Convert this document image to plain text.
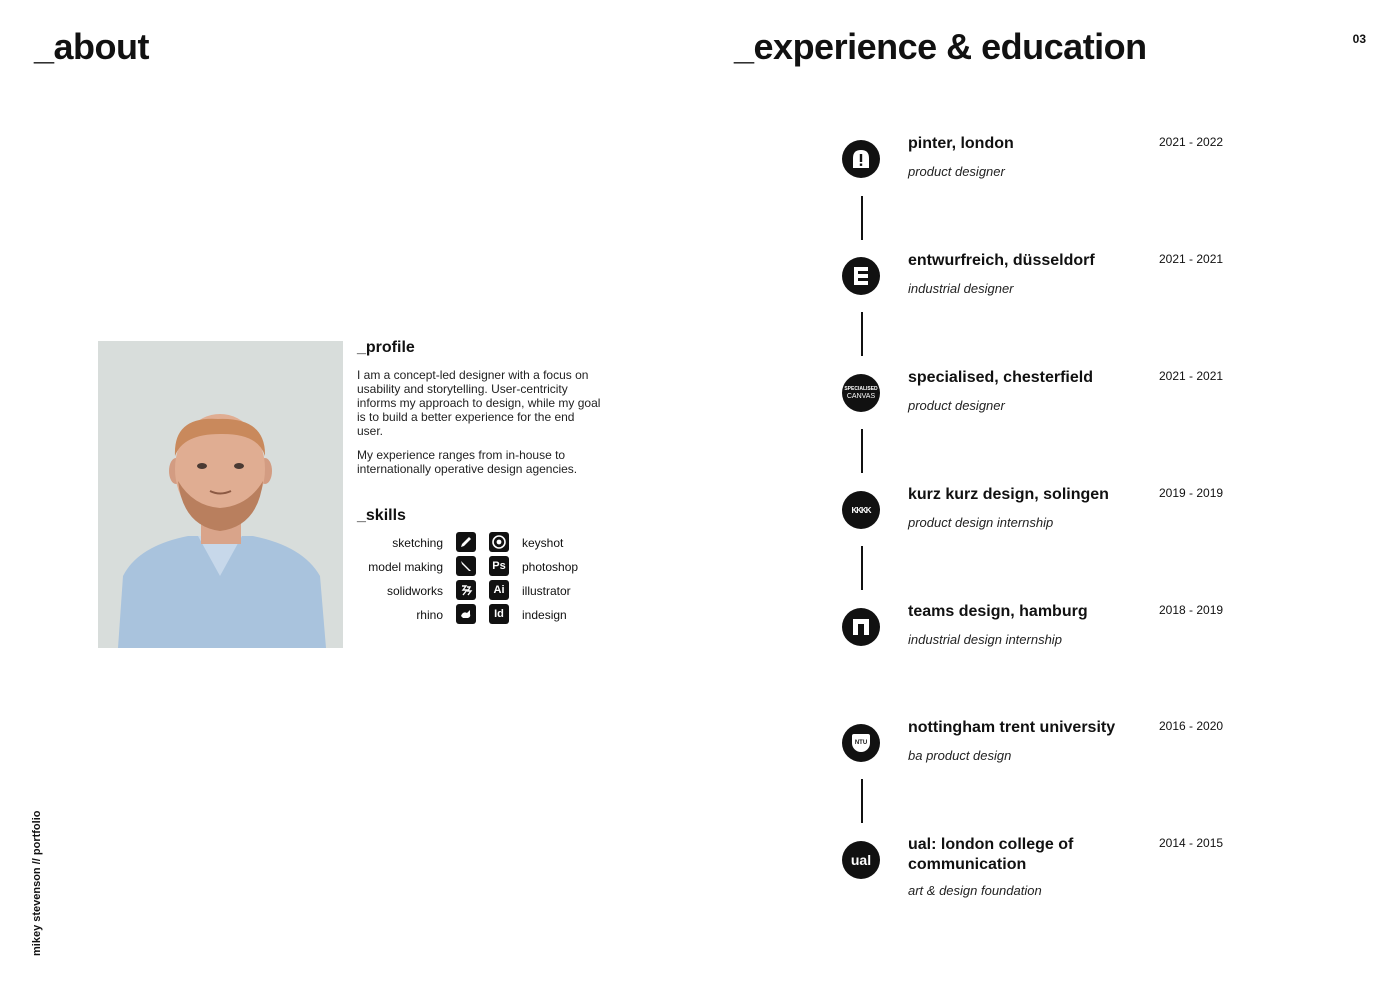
_about	_experience & education	03
mikey stevenson // portfolio
_profile

I am a concept-led designer with a focus on usability and storytelling. User-centricity informs my approach to design, while my goal is to build a better experience for the end user.

My experience ranges from in-house to internationally operative design agencies.

_skills
sketching	keyshot
model making	Ps photoshop
solidworks	Ai	illustrator
rhino	Id	indesign
pinter, london
product designer
2021 - 2022
entwurfreich, düsseldorf
industrial designer
2021 - 2021
SPECIALISED
CANVAS
specialised, chesterfield
product designer
2021 - 2021
KKKK
kurz kurz design, solingen
product design internship
2019 - 2019
teams design, hamburg
industrial design internship
2018 - 2019
NTU
nottingham trent university
ba product design
2016 - 2020
ual
ual: london college of communication
art & design foundation
2014 - 2015
